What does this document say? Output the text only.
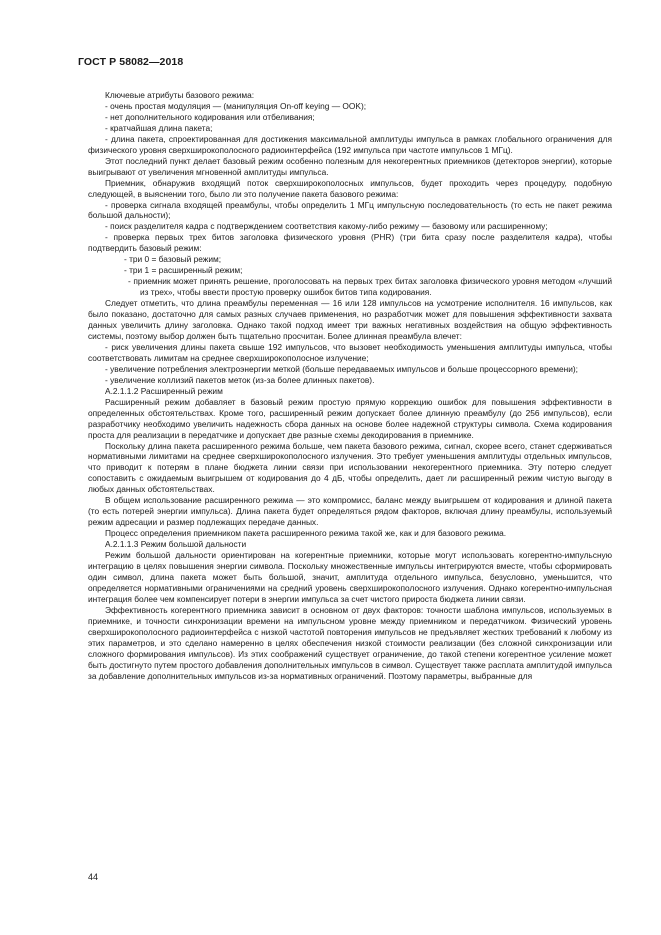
ГОСТ Р 58082—2018

Ключевые атрибуты базового режима:

- очень простая модуляция — (манипуляция On-off keying — OOK);

- нет дополнительного кодирования или отбеливания;

- кратчайшая длина пакета;

- длина пакета, спроектированная для достижения максимальной амплитуды импульса в рамках глобального ограничения для физического уровня сверхширокополосного радиоинтерфейса (192 импульса при частоте импульсов 1 МГц).

Этот последний пункт делает базовый режим особенно полезным для некогерентных приемников (детекторов энергии), которые выигрывают от увеличения мгновенной амплитуды импульса.

Приемник, обнаружив входящий поток сверхширокополосных импульсов, будет проходить через процедуру, подобную следующей, в выяснении того, было ли это получение пакета базового режима:

- проверка сигнала входящей преамбулы, чтобы определить 1 МГц импульсную последовательность (то есть не пакет режима большой дальности);

- поиск разделителя кадра с подтверждением соответствия какому-либо режиму — базовому или расширенному;

- проверка первых трех битов заголовка физического уровня (PHR) (три бита сразу после разделителя кадра), чтобы подтвердить базовый режим:

- три 0 = базовый режим;

- три 1 = расширенный режим;

- приемник может принять решение, проголосовать на первых трех битах заголовка физического уровня методом «лучший из трех», чтобы ввести простую проверку ошибок битов типа кодирования.

Следует отметить, что длина преамбулы переменная — 16 или 128 импульсов на усмотрение исполнителя. 16 импульсов, как было показано, достаточно для самых разных случаев применения, но разработчик может для повышения эффективности захвата данных увеличить длину заголовка. Однако такой подход имеет три важных негативных воздействия на общую эффективность системы, поэтому выбор должен быть тщательно просчитан. Более длинная преамбула влечет:

- риск увеличения длины пакета свыше 192 импульсов, что вызовет необходимость уменьшения амплитуды импульса, чтобы соответствовать лимитам на среднее сверхширокополосное излучение;

- увеличение потребления электроэнергии меткой (больше передаваемых импульсов и больше процессорного времени);

- увеличение коллизий пакетов меток (из-за более длинных пакетов).

А.2.1.1.2 Расширенный режим

Расширенный режим добавляет в базовый режим простую прямую коррекцию ошибок для повышения эффективности в определенных обстоятельствах. Кроме того, расширенный режим допускает более длинную преамбулу (до 256 импульсов), если разработчику необходимо увеличить надежность сбора данных на основе более надежной структуры символа. Схема кодирования проста для реализации в передатчике и допускает две разные схемы декодирования в приемнике.

Поскольку длина пакета расширенного режима больше, чем пакета базового режима, сигнал, скорее всего, станет сдерживаться нормативными лимитами на среднее сверхширокополосного излучения. Это требует уменьшения амплитуды отдельных импульсов, что приводит к потерям в плане бюджета линии связи при использовании некогерентного приемника. Эту потерю следует сопоставить с ожидаемым выигрышем от кодирования до 4 дБ, чтобы определить, дает ли расширенный режим чистую выгоду в любых данных обстоятельствах.

В общем использование расширенного режима — это компромисс, баланс между выигрышем от кодирования и длиной пакета (то есть потерей энергии импульса). Длина пакета будет определяться рядом факторов, включая длину преамбулы, используемый режим адресации и размер подлежащих передаче данных.

Процесс определения приемником пакета расширенного режима такой же, как и для базового режима.

А.2.1.1.3 Режим большой дальности

Режим большой дальности ориентирован на когерентные приемники, которые могут использовать когерентно-импульсную интеграцию в целях повышения энергии символа. Поскольку множественные импульсы интегрируются вместе, чтобы сформировать один символ, длина пакета может быть большой, значит, амплитуда отдельного импульса, безусловно, уменьшится, что определяется нормативными ограничениями на средний уровень сверхширокополосного излучения. Однако когерентно-импульсная интеграция более чем компенсирует потери в энергии импульса за счет чистого прироста бюджета линии связи.

Эффективность когерентного приемника зависит в основном от двух факторов: точности шаблона импульсов, используемых в приемнике, и точности синхронизации времени на импульсном уровне между приемником и передатчиком. Физический уровень сверхширокополосного радиоинтерфейса с низкой частотой повторения импульсов не предъявляет жестких требований к любому из этих параметров, и это сделано намеренно в целях обеспечения низкой стоимости реализации (без сложной синхронизации или сложного формирования импульсов). Из этих соображений существует ограничение, до такой степени когерентное усиление может быть достигнуто путем простого добавления дополнительных импульсов в символ. Существует также расплата амплитудой импульса за добавление дополнительных импульсов из-за нормативных ограничений. Поэтому параметры, выбранные для

44
